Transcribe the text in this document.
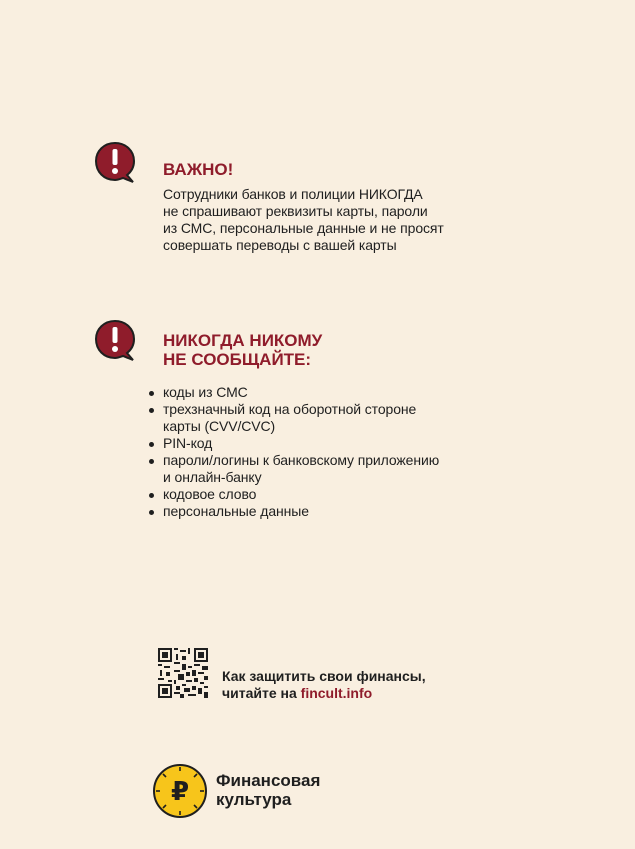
ВАЖНО!

Сотрудники банков и полиции НИКОГДА
не спрашивают реквизиты карты, пароли
из СМС, персональные данные и не просят
совершать переводы с вашей карты

НИКОГДА НИКОМУ
НЕ СООБЩАЙТЕ:
коды из СМС
трехзначный код на оборотной стороне
карты (CVV/CVC)
PIN-код
пароли/логины к банковскому приложению
и онлайн-банку
кодовое слово
персональные данные

Как защитить свои финансы,
читайте на fincult.info

₽ Финансовая
культура
